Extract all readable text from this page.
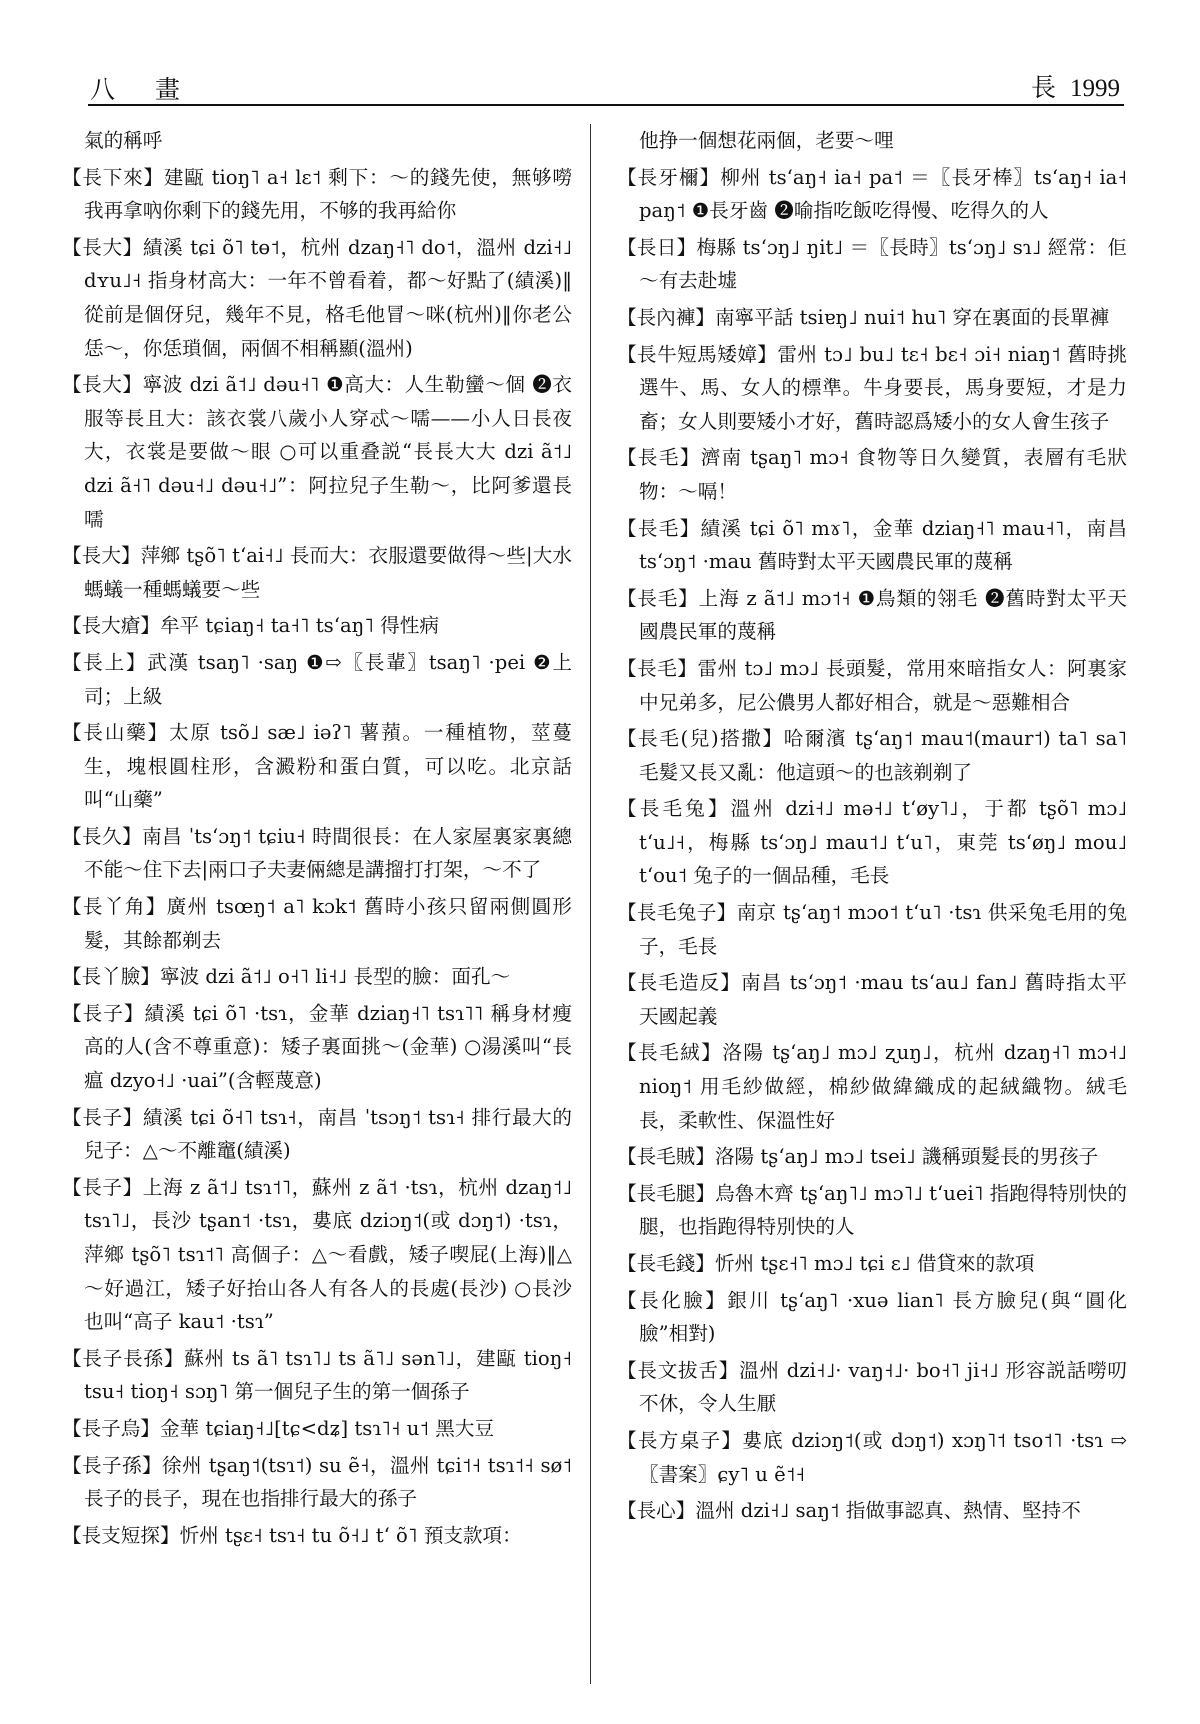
八 畫	長 1999
氣的稱呼
【長下來】建甌 tioŋ˥ a˧ lɛ˦ 剩下：～的錢先使，無够嘮我再拿吶你剩下的錢先用，不够的我再給你
【長大】績溪 tɕi õ˥ tɵ˦，杭州 dzaŋ˧˥ do˦，溫州 dzi˧˩ dʏu˩˧ 指身材高大：一年不曾看着，都～好點了(績溪)‖從前是個伢兒，幾年不見，格毛他冒～咪(杭州)‖你老公恁～，你恁瑣個，兩個不相稱顯(溫州)
【長大】寧波 dzi ã˦˩ dəu˧˥ ❶高大：人生勒蠻～個 ❷衣服等長且大：該衣裳八歲小人穿忒～嚅——小人日長夜大，衣裳是要做～眼 ○可以重叠説“長長大大 dzi ã˦˩ dzi ã˧˥ dəu˧˩ dəu˧˩”：阿拉兒子生勒～，比阿爹還長嚅
【長大】萍鄉 tʂõ˥ tʻai˧˩ 長而大：衣服還要做得～些|大水螞蟻一種螞蟻要～些
【長大瘡】牟平 tɕiaŋ˧ ta˧˥ tsʻaŋ˥ 得性病
【長上】武漢 tsaŋ˥ ·saŋ ❶⇨〖長輩〗tsaŋ˥ ·pei ❷上司；上級
【長山藥】太原 tsõ˩ sæ˩ iəʔ˥ 薯蕷。一種植物，莖蔓生，塊根圓柱形，含澱粉和蛋白質，可以吃。北京話叫“山藥”
【長久】南昌 ˈtsʻɔŋ˦ tɕiu˧ 時間很長：在人家屋裏家裏總不能～住下去|兩口子夫妻倆總是講㨨打打架，～不了
【長丫角】廣州 tsœŋ˦ a˥ kɔk˦ 舊時小孩只留兩側圓形髮，其餘都剃去
【長丫臉】寧波 dzi ã˦˩ o˧˥ li˧˩ 長型的臉：面孔～
【長子】績溪 tɕi õ˥ ·tsɿ，金華 dziaŋ˧˥ tsɿ˥˥ 稱身材瘦高的人(含不尊重意)：矮子裏面挑～(金華) ○湯溪叫“長瘟 dzyo˧˩ ·uai”(含輕蔑意)
【長子】績溪 tɕi õ˧˥ tsɿ˧，南昌 ˈtsɔŋ˦ tsɿ˧ 排行最大的兒子：△～不離竈(績溪)
【長子】上海 z ã˦˩ tsɿ˦˥，蘇州 z ã˦ ·tsɿ，杭州 dzaŋ˦˩ tsɿ˥˩，長沙 tʂan˦ ·tsɿ，婁底 dziɔŋ˦(或 dɔŋ˦) ·tsɿ，萍鄉 tʂõ˥ tsɿ˦˥ 高個子：△～看戲，矮子喫屁(上海)‖△～好過江，矮子好抬山各人有各人的長處(長沙) ○長沙也叫“高子 kau˦ ·tsɿ”
【長子長孫】蘇州 ts ã˥ tsɿ˥˩ ts ã˥˩ sən˥˩，建甌 tioŋ˧ tsu˧ tioŋ˧ sɔŋ˥ 第一個兒子生的第一個孫子
【長子烏】金華 tɕiaŋ˧˩[tɕ<dʑ] tsɿ˥˧ u˦ 黑大豆
【長子孫】徐州 tʂaŋ˦(tsɿ˦) su ẽ˧，溫州 tɕi˦˧ tsɿ˦˧ sø˦ 長子的長子，現在也指排行最大的孫子
【長支短探】忻州 tʂɛ˧ tsɿ˧ tu õ˧˩ tʻ õ˥ 預支款項：
他挣一個想花兩個，老要～哩
【長牙檷】柳州 tsʻaŋ˧ ia˧ pa˦ ＝〖長牙棒〗tsʻaŋ˧ ia˧ paŋ˦ ❶長牙齒 ❷喻指吃飯吃得慢、吃得久的人
【長日】梅縣 tsʻɔŋ˩ ŋit˩ ＝〖長時〗tsʻɔŋ˩ sɿ˩ 經常：佢～有去赴墟
【長內褲】南寧平話 tsiɐŋ˩ nui˦ hu˥ 穿在裏面的長單褲
【長牛短馬矮嫜】雷州 tɔ˩ bu˩ tɛ˧ bɛ˧ ɔi˧ niaŋ˦ 舊時挑選牛、馬、女人的標準。牛身要長，馬身要短，才是力畜；女人則要矮小才好，舊時認爲矮小的女人會生孩子
【長毛】濟南 tʂaŋ˥ mɔ˧ 食物等日久變質，表層有毛狀物：～嗝！
【長毛】績溪 tɕi õ˥ mɤ˥，金華 dziaŋ˧˥ mau˧˥，南昌 tsʻɔŋ˦ ·mau 舊時對太平天國農民軍的蔑稱
【長毛】上海 z ã˦˩ mɔ˦˧ ❶鳥類的翎毛 ❷舊時對太平天國農民軍的蔑稱
【長毛】雷州 tɔ˩ mɔ˩ 長頭髮，常用來暗指女人：阿裏家中兄弟多，尼公儂男人都好相合，就是～惡難相合
【長毛(兒)搭撒】哈爾濱 tʂʻaŋ˦ mau˦(maur˦) ta˥ sa˥ 毛髮又長又亂：他這頭～的也該剃剃了
【長毛兔】溫州 dzi˧˩ mə˧˩ tʻøy˥˩，于都 tʂõ˥ mɔ˩ tʻu˩˧，梅縣 tsʻɔŋ˩ mau˦˩ tʻu˥，東莞 tsʻøŋ˩ mou˩ tʻou˦ 兔子的一個品種，毛長
【長毛兔子】南京 tʂʻaŋ˦ mɔo˦ tʻu˥ ·tsɿ 供采兔毛用的兔子，毛長
【長毛造反】南昌 tsʻɔŋ˦ ·mau tsʻau˩ fan˩ 舊時指太平天國起義
【長毛絨】洛陽 tʂʻaŋ˩ mɔ˩ ʐuŋ˩，杭州 dzaŋ˧˥ mɔ˧˩ nioŋ˦ 用毛紗做經，棉紗做緯織成的起絨織物。絨毛長，柔軟性、保溫性好
【長毛賊】洛陽 tʂʻaŋ˩ mɔ˩ tsei˩ 譏稱頭髮長的男孩子
【長毛腿】烏魯木齊 tʂʻaŋ˥˩ mɔ˥˩ tʻuei˥ 指跑得特別快的腿，也指跑得特別快的人
【長毛錢】忻州 tʂɛ˧˥ mɔ˩ tɕi ɛ˩ 借貸來的款項
【長化臉】銀川 tʂʻaŋ˥ ·xuə lian˥ 長方臉兒(與“圓化臉”相對)
【長文拔舌】溫州 dzi˧˩· vaŋ˧˩· bo˧˥ ji˧˩ 形容説話嘮叨不休，令人生厭
【長方桌子】婁底 dziɔŋ˦(或 dɔŋ˦) xɔŋ˥˦ tso˦˥ ·tsɿ ⇨〖書案〗ɕy˥ u ẽ˦˧
【長心】溫州 dzi˧˩ saŋ˦ 指做事認真、熱情、堅持不
